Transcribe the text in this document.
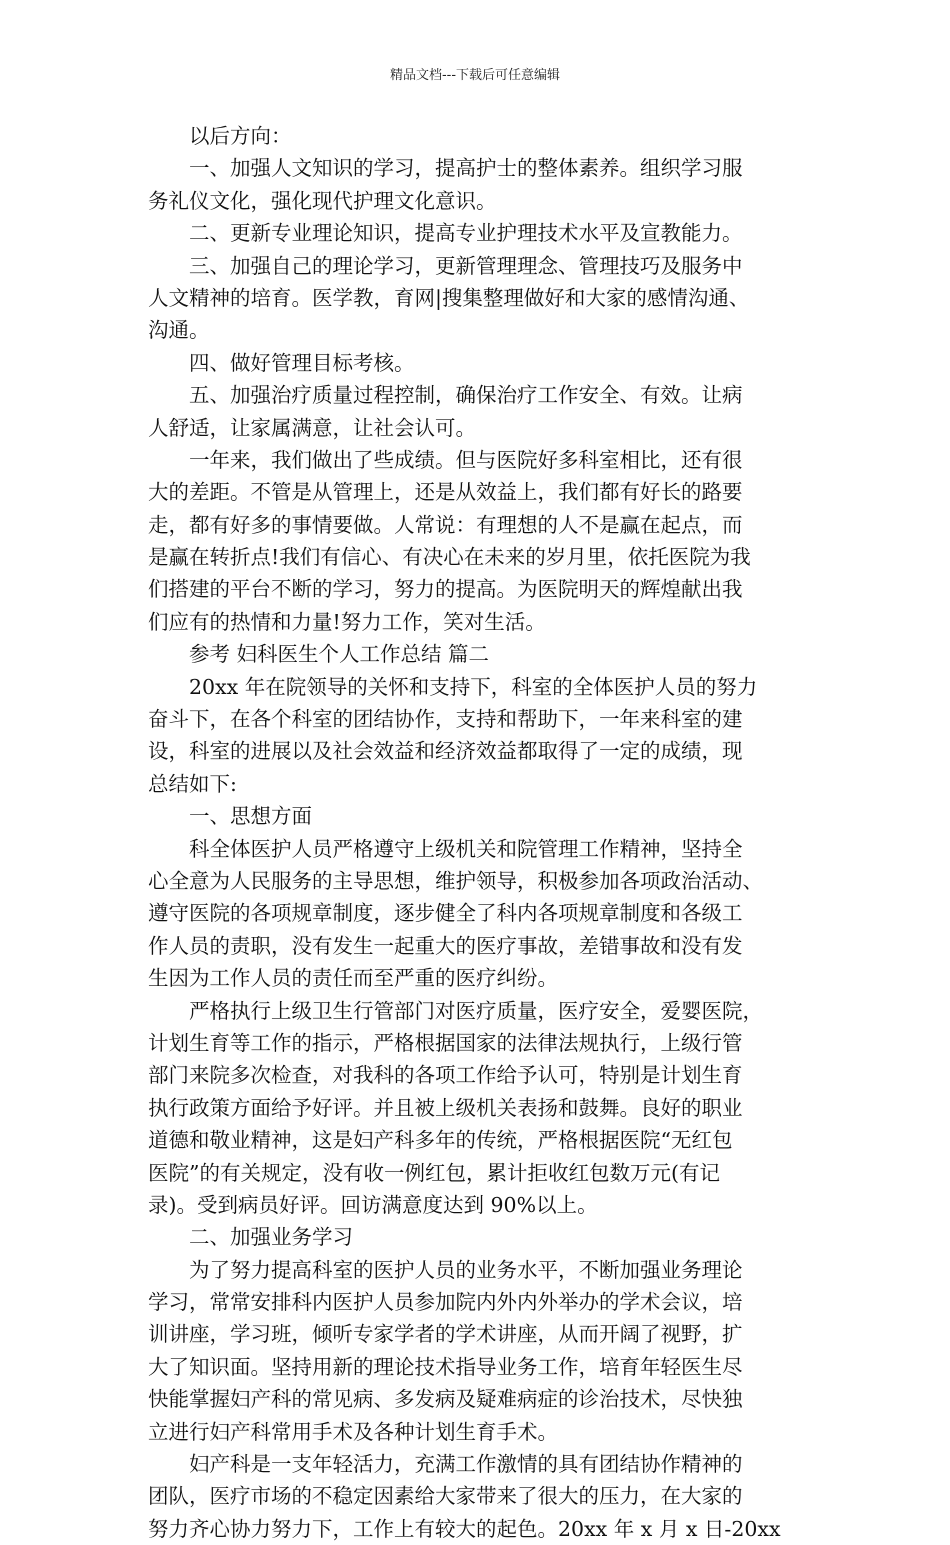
精品文档---下载后可任意编辑
以后方向：
一、加强人文知识的学习，提高护士的整体素养。组织学习服
务礼仪文化，强化现代护理文化意识。
二、更新专业理论知识，提高专业护理技术水平及宣教能力。
三、加强自己的理论学习，更新管理理念、管理技巧及服务中
人文精神的培育。医学教，育网|搜集整理做好和大家的感情沟通、
沟通。
四、做好管理目标考核。
五、加强治疗质量过程控制，确保治疗工作安全、有效。让病
人舒适，让家属满意，让社会认可。
一年来，我们做出了些成绩。但与医院好多科室相比，还有很
大的差距。不管是从管理上，还是从效益上，我们都有好长的路要
走，都有好多的事情要做。人常说：有理想的人不是赢在起点，而
是赢在转折点!我们有信心、有决心在未来的岁月里，依托医院为我
们搭建的平台不断的学习，努力的提高。为医院明天的辉煌献出我
们应有的热情和力量!努力工作，笑对生活。
参考 妇科医生个人工作总结 篇二
20xx 年在院领导的关怀和支持下，科室的全体医护人员的努力
奋斗下，在各个科室的团结协作，支持和帮助下，一年来科室的建
设，科室的进展以及社会效益和经济效益都取得了一定的成绩，现
总结如下:
一、思想方面
科全体医护人员严格遵守上级机关和院管理工作精神，坚持全
心全意为人民服务的主导思想，维护领导，积极参加各项政治活动、
遵守医院的各项规章制度，逐步健全了科内各项规章制度和各级工
作人员的责职，没有发生一起重大的医疗事故，差错事故和没有发
生因为工作人员的责任而至严重的医疗纠纷。
严格执行上级卫生行管部门对医疗质量，医疗安全，爱婴医院，
计划生育等工作的指示，严格根据国家的法律法规执行，上级行管
部门来院多次检查，对我科的各项工作给予认可，特别是计划生育
执行政策方面给予好评。并且被上级机关表扬和鼓舞。良好的职业
道德和敬业精神，这是妇产科多年的传统，严格根据医院“无红包
医院”的有关规定，没有收一例红包，累计拒收红包数万元(有记
录)。受到病员好评。回访满意度达到 90%以上。
二、加强业务学习
为了努力提高科室的医护人员的业务水平，不断加强业务理论
学习，常常安排科内医护人员参加院内外内外举办的学术会议，培
训讲座，学习班，倾听专家学者的学术讲座，从而开阔了视野，扩
大了知识面。坚持用新的理论技术指导业务工作，培育年轻医生尽
快能掌握妇产科的常见病、多发病及疑难病症的诊治技术，尽快独
立进行妇产科常用手术及各种计划生育手术。
妇产科是一支年轻活力，充满工作激情的具有团结协作精神的
团队，医疗市场的不稳定因素给大家带来了很大的压力，在大家的
努力齐心协力努力下，工作上有较大的起色。20xx 年 x 月 x 日-20xx
